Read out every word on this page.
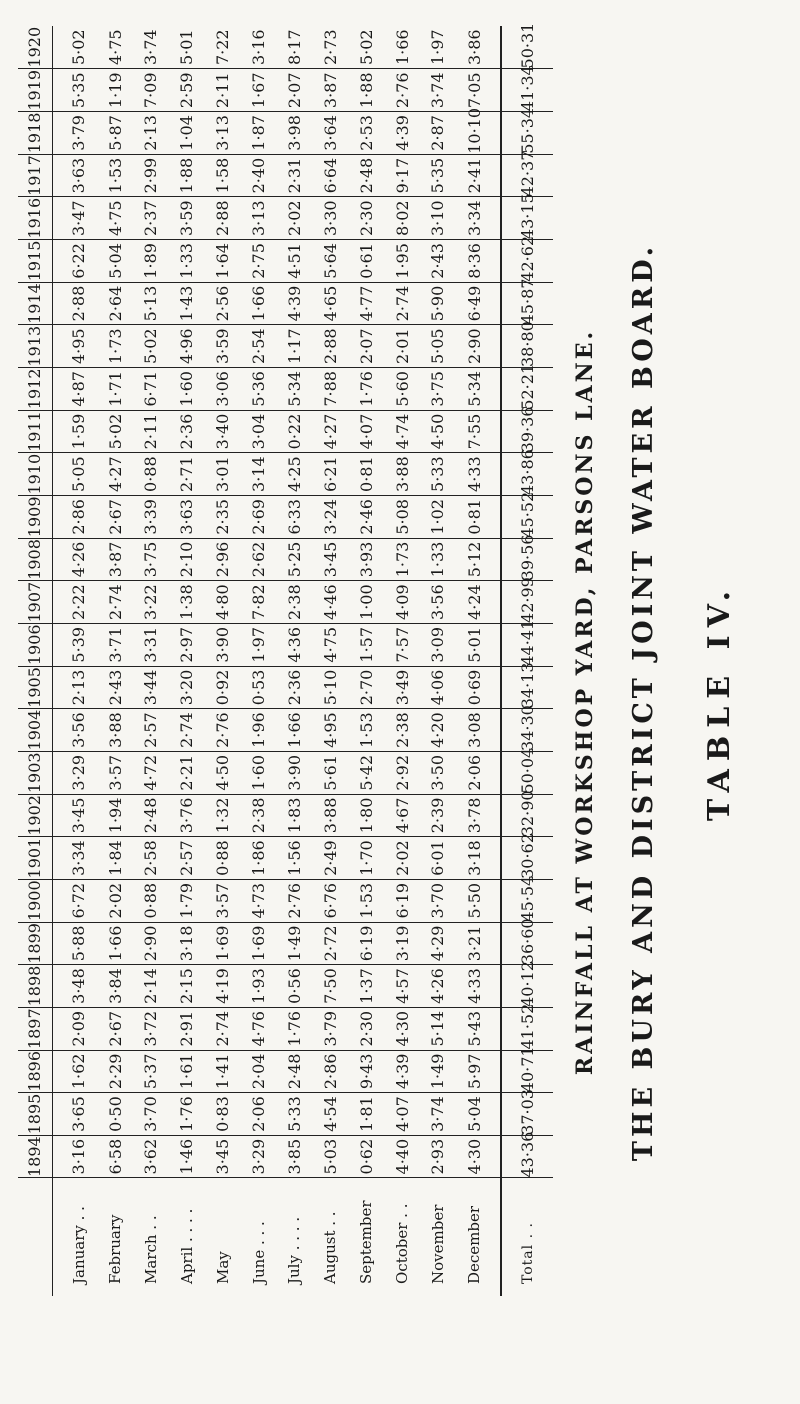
TABLE IV.
THE BURY AND DISTRICT JOINT WATER BOARD.
RAINFALL AT WORKSHOP YARD, PARSONS LANE.
	1894	1895	1896	1897	1898	1899	1900	1901	1902	1903	1904	1905	1906	1907	1908	1909	1910	1911	1912	1913	1914	1915	1916	1917	1918	1919	1920
January . .	3·16	3·65	1·62	2·09	3·48	5·88	6·72	3·34	3·45	3·29	3·56	2·13	5·39	2·22	4·26	2·86	5·05	1·59	4·87	4·95	2·88	6·22	3·47	3·63	3·79	5·35	5·02
February	6·58	0·50	2·29	2·67	3·84	1·66	2·02	1·84	1·94	3·57	3·88	2·43	3·71	2·74	3·87	2·67	4·27	5·02	1·71	1·73	2·64	5·04	4·75	1·53	5·87	1·19	4·75
March . .	3·62	3·70	5·37	3·72	2·14	2·90	0·88	2·58	2·48	4·72	2·57	3·44	3·31	3·22	3·75	3·39	0·88	2·11	6·71	5·02	5·13	1·89	2·37	2·99	2·13	7·09	3·74
April . . . .	1·46	1·76	1·61	2·91	2·15	3·18	1·79	2·57	3·76	2·21	2·74	3·20	2·97	1·38	2·10	3·63	2·71	2·36	1·60	4·96	1·43	1·33	3·59	1·88	1·04	2·59	5·01
May	3·45	0·83	1·41	2·74	4·19	1·69	3·57	0·88	1·32	4·50	2·76	0·92	3·90	4·80	2·96	2·35	3·01	3·40	3·06	3·59	2·56	1·64	2·88	1·58	3·13	2·11	7·22
June . . .	3·29	2·06	2·04	4·76	1·93	1·69	4·73	1·86	2·38	1·60	1·96	0·53	1·97	7·82	2·62	2·69	3·14	3·04	5·36	2·54	1·66	2·75	3·13	2·40	1·87	1·67	3·16
July . . . .	3·85	5·33	2·48	1·76	0·56	1·49	2·76	1·56	1·83	3·90	1·66	2·36	4·36	2·38	5·25	6·33	4·25	0·22	5·34	1·17	4·39	4·51	2·02	2·31	3·98	2·07	8·17
August . .	5·03	4·54	2·86	3·79	7·50	2·72	6·76	2·49	3·88	5·61	4·95	5·10	4·75	4·46	3·45	3·24	6·21	4·27	7·88	2·88	4·65	5·64	3·30	6·64	3·64	3·87	2·73
September	0·62	1·81	9·43	2·30	1·37	6·19	1·53	1·70	1·80	5·42	1·53	2·70	1·57	1·00	3·93	2·46	0·81	4·07	1·76	2·07	4·77	0·61	2·30	2·48	2·53	1·88	5·02
October . .	4·40	4·07	4·39	4·30	4·57	3·19	6·19	2·02	4·67	2·92	2·38	3·49	7·57	4·09	1·73	5·08	3·88	4·74	5·60	2·01	2·74	1·95	8·02	9·17	4·39	2·76	1·66
November	2·93	3·74	1·49	5·14	4·26	4·29	3·70	6·01	2·39	3·50	4·20	4·06	3·09	3·56	1·33	1·02	5·33	4·50	3·75	5·05	5·90	2·43	3·10	5·35	2·87	3·74	1·97
December	4·30	5·04	5·97	5·43	4·33	3·21	5·50	3·18	3·78	2·06	3·08	0·69	5·01	4·24	5·12	0·81	4·33	7·55	5·34	2·90	6·49	8·36	3·34	2·41	10·10	7·05	3·86
Total . .	43·36	37·03	40·71	41·52	40·12	36·60	45·54	30·62	32·90	50·04	34·30	34·13	44·41	42·99	39·56	45·52	43·86	39·36	52·21	38·80	45·87	42·62	43·15	42·37	55·34	41·34	50·31
